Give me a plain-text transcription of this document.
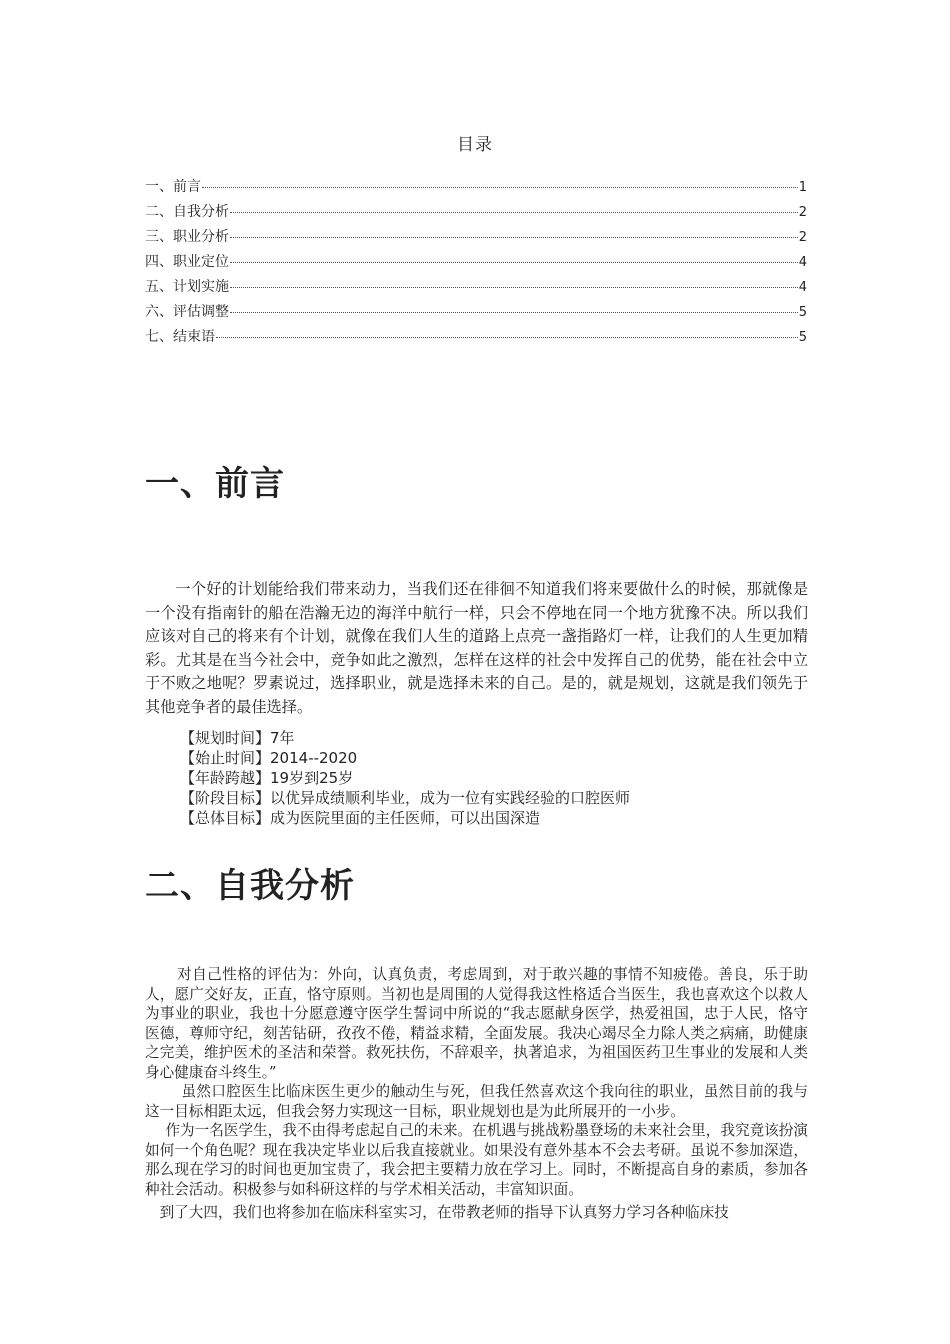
目录
一、前言	1
二、自我分析	2
三、职业分析	2
四、职业定位	4
五、计划实施	4
六、评估调整	5
七、结束语	5
一、前言

一个好的计划能给我们带来动力，当我们还在徘徊不知道我们将来要做什么的时候，那就像是一个没有指南针的船在浩瀚无边的海洋中航行一样，只会不停地在同一个地方犹豫不决。所以我们应该对自己的将来有个计划，就像在我们人生的道路上点亮一盏指路灯一样，让我们的人生更加精彩。尤其是在当今社会中，竞争如此之激烈，怎样在这样的社会中发挥自己的优势，能在社会中立于不败之地呢？罗素说过，选择职业，就是选择未来的自己。是的，就是规划，这就是我们领先于其他竞争者的最佳选择。

【规划时间】7年
【始止时间】2014--2020
【年龄跨越】19岁到25岁
【阶段目标】以优异成绩顺利毕业，成为一位有实践经验的口腔医师
【总体目标】成为医院里面的主任医师，可以出国深造
二、自我分析

对自己性格的评估为：外向，认真负责，考虑周到，对于敢兴趣的事情不知疲倦。善良，乐于助人，愿广交好友，正直，恪守原则。当初也是周围的人觉得我这性格适合当医生，我也喜欢这个以救人为事业的职业，我也十分愿意遵守医学生誓词中所说的“我志愿献身医学，热爱祖国，忠于人民，恪守医德，尊师守纪，刻苦钻研，孜孜不倦，精益求精，全面发展。我决心竭尽全力除人类之病痛，助健康之完美，维护医术的圣洁和荣誉。救死扶伤，不辞艰辛，执著追求，为祖国医药卫生事业的发展和人类身心健康奋斗终生。”

虽然口腔医生比临床医生更少的触动生与死，但我任然喜欢这个我向往的职业，虽然目前的我与这一目标相距太远，但我会努力实现这一目标，职业规划也是为此所展开的一小步。

作为一名医学生，我不由得考虑起自己的未来。在机遇与挑战粉墨登场的未来社会里，我究竟该扮演如何一个角色呢？现在我决定毕业以后我直接就业。如果没有意外基本不会去考研。虽说不参加深造，那么现在学习的时间也更加宝贵了，我会把主要精力放在学习上。同时，不断提高自身的素质，参加各种社会活动。积极参与如科研这样的与学术相关活动，丰富知识面。

到了大四，我们也将参加在临床科室实习，在带教老师的指导下认真努力学习各种临床技
